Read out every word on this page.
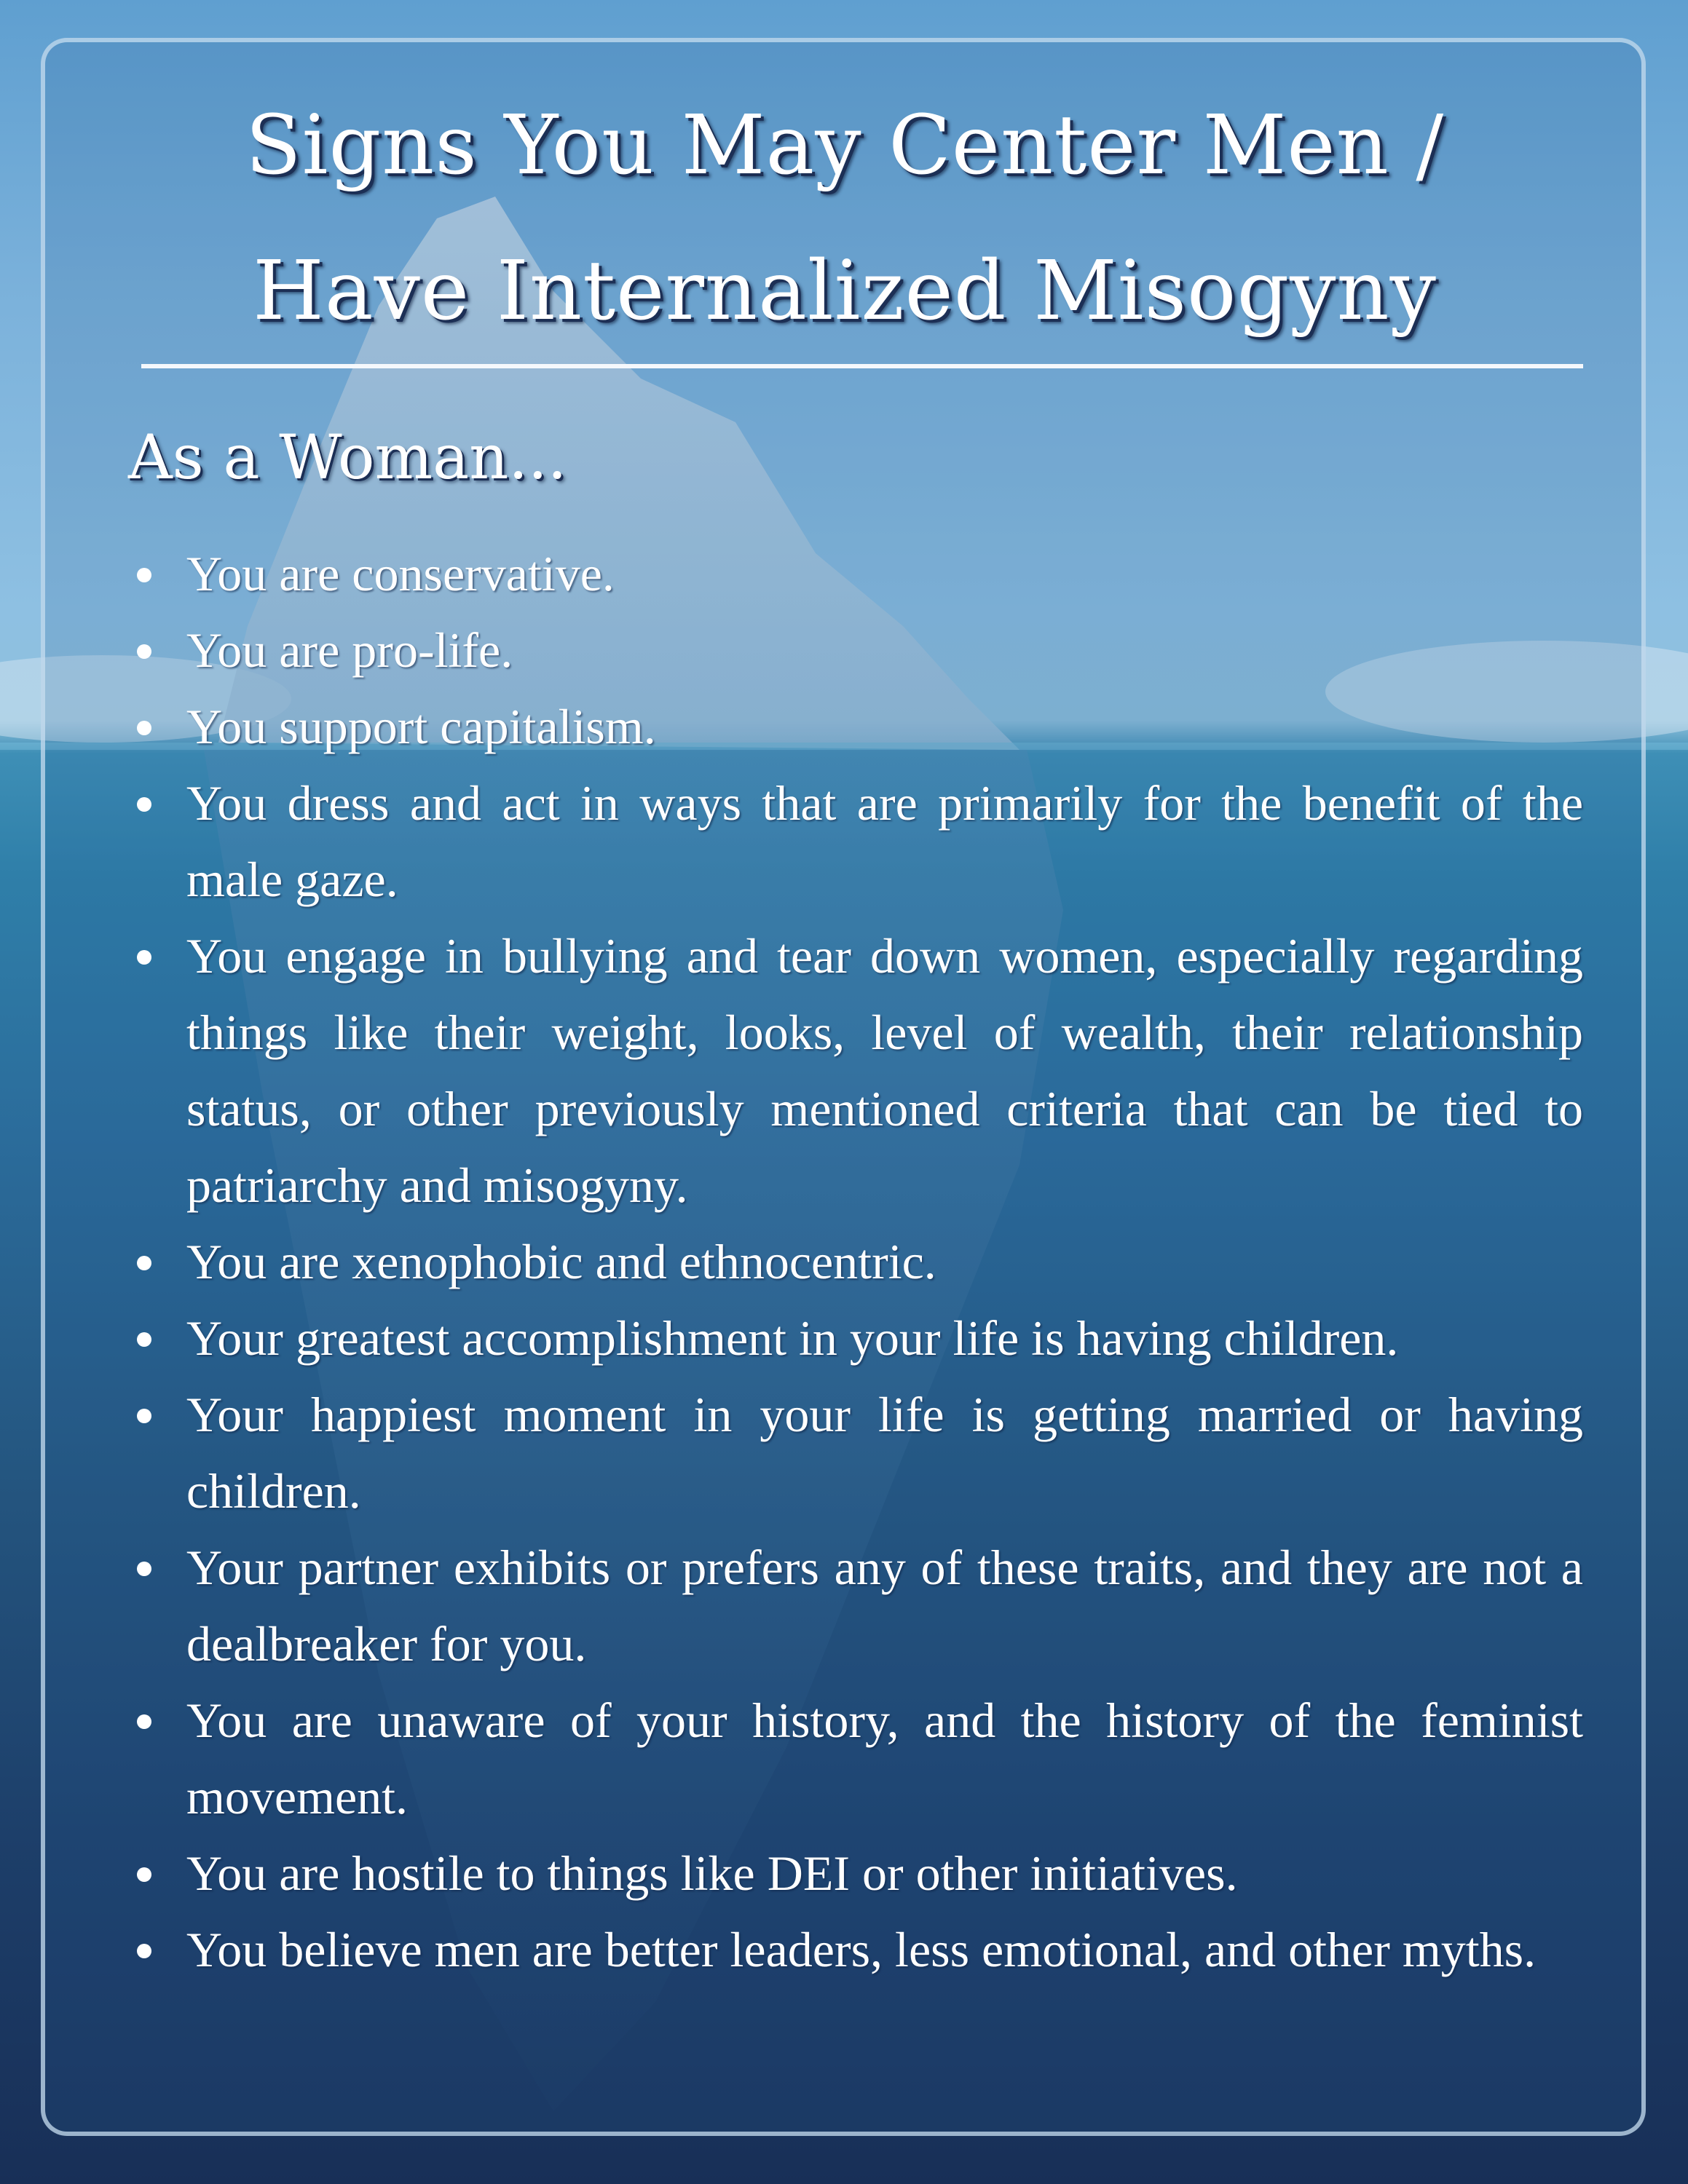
Signs You May Center Men /
Have Internalized Misogyny
As a Woman...
You are conservative.
You are pro-life.
You support capitalism.
You dress and act in ways that are primarily for the benefit of the male gaze.
You engage in bullying and tear down women, especially regarding things like their weight, looks, level of wealth, their relationship status, or other previously mentioned criteria that can be tied to patriarchy and misogyny.
You are xenophobic and ethnocentric.
Your greatest accomplishment in your life is having children.
Your happiest moment in your life is getting married or having children.
Your partner exhibits or prefers any of these traits, and they are not a dealbreaker for you.
You are unaware of your history, and the history of the feminist movement.
You are hostile to things like DEI or other initiatives.
You believe men are better leaders, less emotional, and other myths.
